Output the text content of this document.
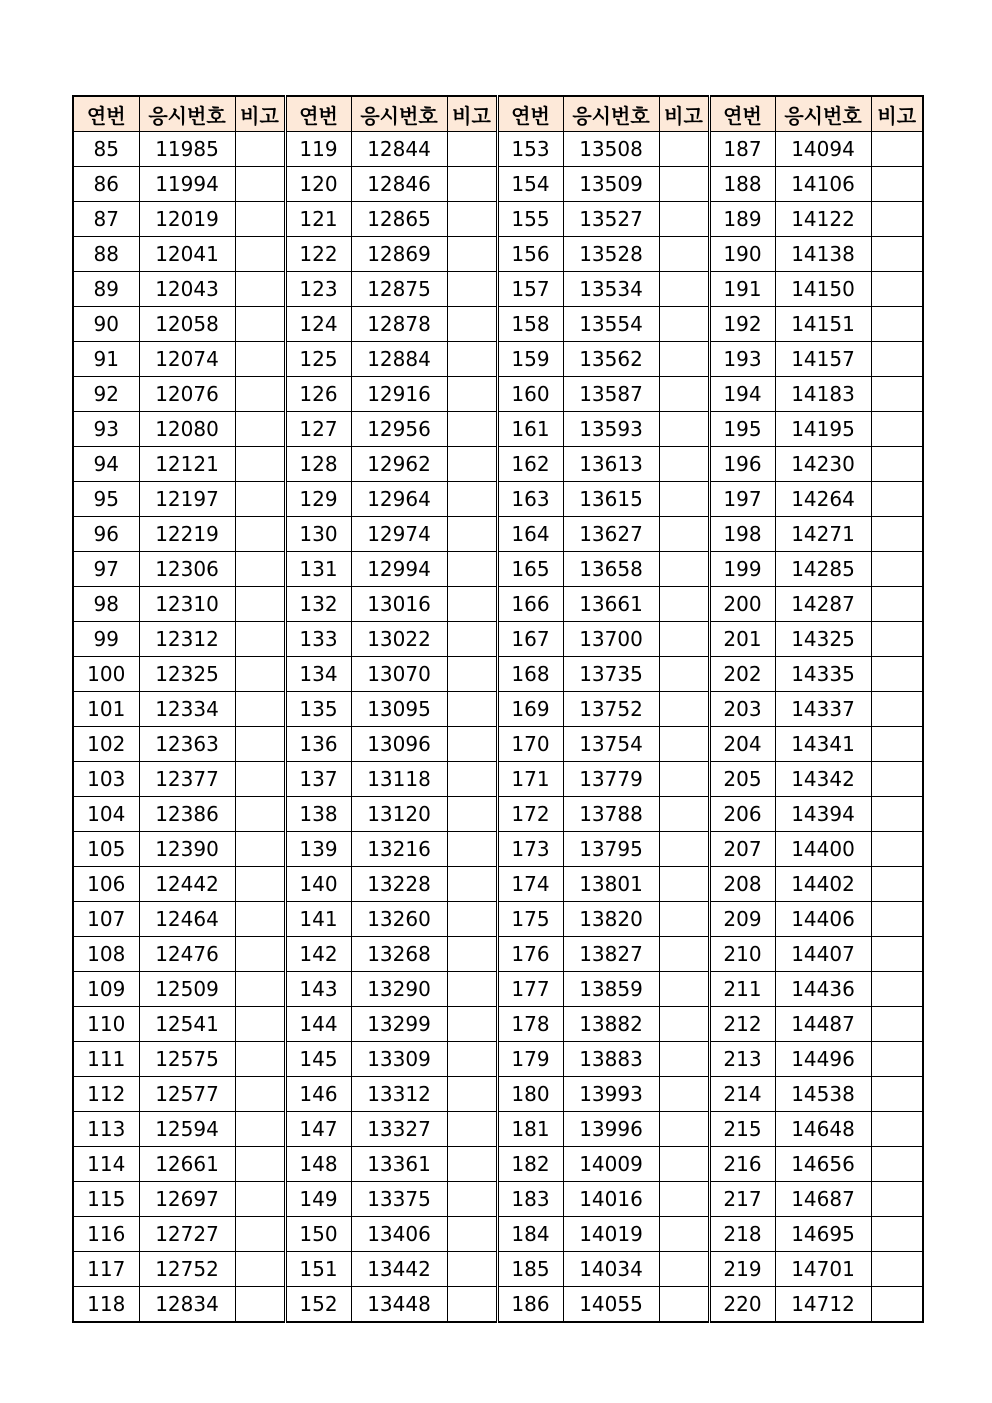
연번	응시번호	비고	연번	응시번호	비고	연번	응시번호	비고	연번	응시번호	비고
85	11985		119	12844		153	13508		187	14094	
86	11994		120	12846		154	13509		188	14106	
87	12019		121	12865		155	13527		189	14122	
88	12041		122	12869		156	13528		190	14138	
89	12043		123	12875		157	13534		191	14150	
90	12058		124	12878		158	13554		192	14151	
91	12074		125	12884		159	13562		193	14157	
92	12076		126	12916		160	13587		194	14183	
93	12080		127	12956		161	13593		195	14195	
94	12121		128	12962		162	13613		196	14230	
95	12197		129	12964		163	13615		197	14264	
96	12219		130	12974		164	13627		198	14271	
97	12306		131	12994		165	13658		199	14285	
98	12310		132	13016		166	13661		200	14287	
99	12312		133	13022		167	13700		201	14325	
100	12325		134	13070		168	13735		202	14335	
101	12334		135	13095		169	13752		203	14337	
102	12363		136	13096		170	13754		204	14341	
103	12377		137	13118		171	13779		205	14342	
104	12386		138	13120		172	13788		206	14394	
105	12390		139	13216		173	13795		207	14400	
106	12442		140	13228		174	13801		208	14402	
107	12464		141	13260		175	13820		209	14406	
108	12476		142	13268		176	13827		210	14407	
109	12509		143	13290		177	13859		211	14436	
110	12541		144	13299		178	13882		212	14487	
111	12575		145	13309		179	13883		213	14496	
112	12577		146	13312		180	13993		214	14538	
113	12594		147	13327		181	13996		215	14648	
114	12661		148	13361		182	14009		216	14656	
115	12697		149	13375		183	14016		217	14687	
116	12727		150	13406		184	14019		218	14695	
117	12752		151	13442		185	14034		219	14701	
118	12834		152	13448		186	14055		220	14712	
